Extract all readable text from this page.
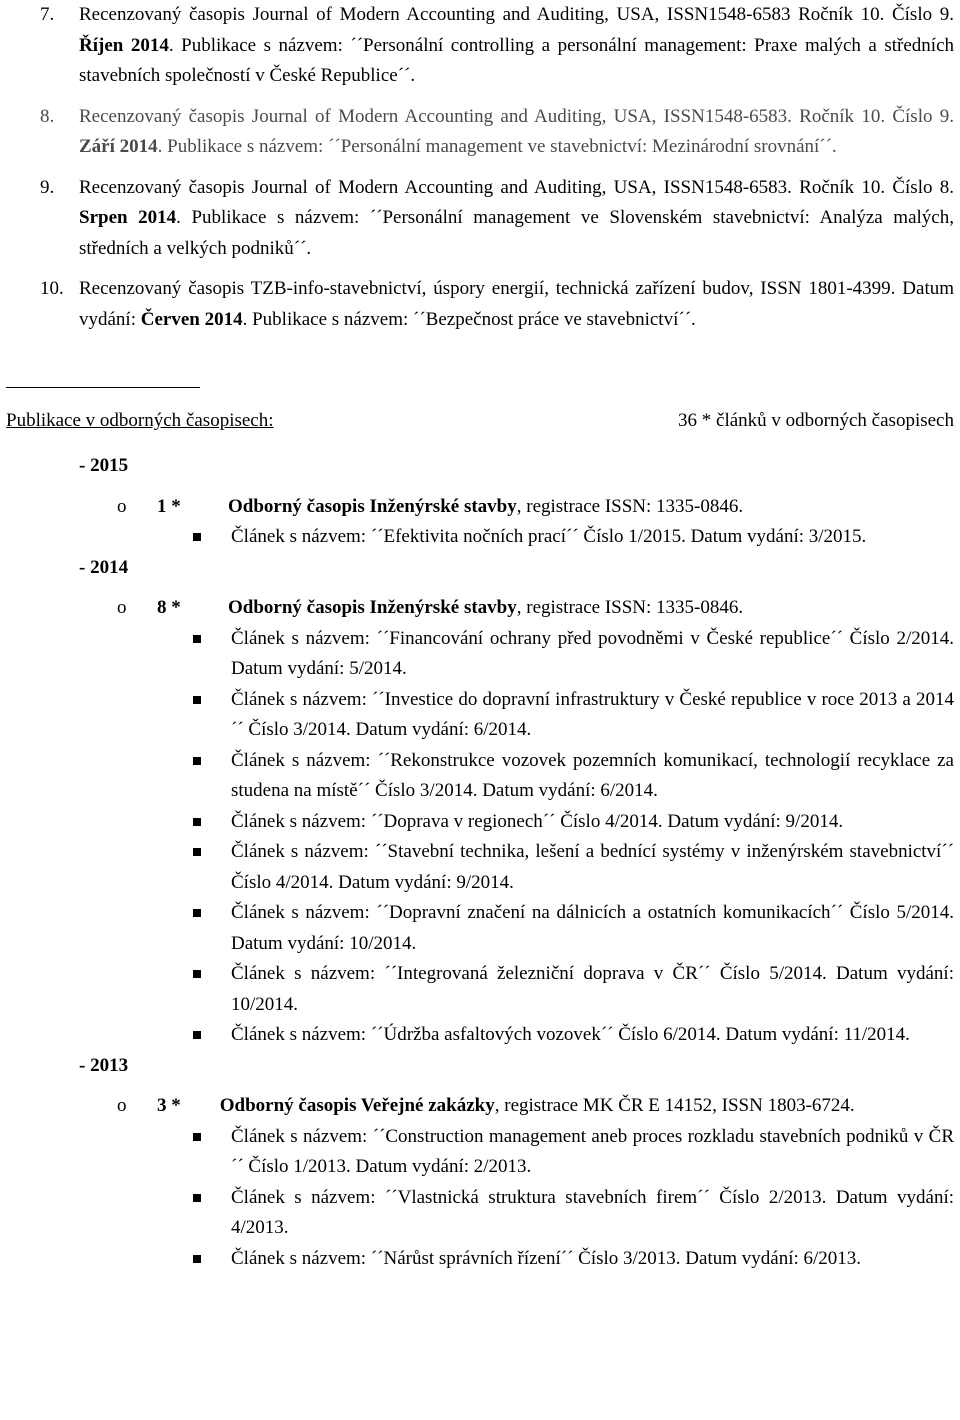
7. Recenzovaný časopis Journal of Modern Accounting and Auditing, USA, ISSN1548-6583 Ročník 10. Číslo 9. Říjen 2014. Publikace s názvem: ´´Personální controlling a personální management: Praxe malých a středních stavebních společností v České Republice´´.
8. Recenzovaný časopis Journal of Modern Accounting and Auditing, USA, ISSN1548-6583. Ročník 10. Číslo 9. Září 2014. Publikace s názvem: ´´Personální management ve stavebnictví: Mezinárodní srovnání´´.
9. Recenzovaný časopis Journal of Modern Accounting and Auditing, USA, ISSN1548-6583. Ročník 10. Číslo 8. Srpen 2014. Publikace s názvem: ´´Personální management ve Slovenském stavebnictví: Analýza malých, středních a velkých podniků´´.
10. Recenzovaný časopis TZB-info-stavebnictví, úspory energií, technická zařízení budov, ISSN 1801-4399. Datum vydání: Červen 2014. Publikace s názvem: ´´Bezpečnost práce ve stavebnictví´´.
Publikace v odborných časopisech:	36 * článků v odborných časopisech
- 2015
o 1 * Odborný časopis Inženýrské stavby, registrace ISSN: 1335-0846.
Článek s názvem: ´´Efektivita nočních prací´´ Číslo 1/2015. Datum vydání: 3/2015.
- 2014
o 8 * Odborný časopis Inženýrské stavby, registrace ISSN: 1335-0846.
Článek s názvem: ´´Financování ochrany před povodněmi v České republice´´ Číslo 2/2014. Datum vydání: 5/2014.
Článek s názvem: ´´Investice do dopravní infrastruktury v České republice v roce 2013 a 2014´´ Číslo 3/2014. Datum vydání: 6/2014.
Článek s názvem: ´´Rekonstrukce vozovek pozemních komunikací, technologií recyklace za studena na místě´´ Číslo 3/2014. Datum vydání: 6/2014.
Článek s názvem: ´´Doprava v regionech´´ Číslo 4/2014. Datum vydání: 9/2014.
Článek s názvem: ´´Stavební technika, lešení a bednící systémy v inženýrském stavebnictví´´ Číslo 4/2014. Datum vydání: 9/2014.
Článek s názvem: ´´Dopravní značení na dálnicích a ostatních komunikacích´´ Číslo 5/2014. Datum vydání: 10/2014.
Článek s názvem: ´´Integrovaná železniční doprava v ČR´´ Číslo 5/2014. Datum vydání: 10/2014.
Článek s názvem: ´´Údržba asfaltových vozovek´´ Číslo 6/2014. Datum vydání: 11/2014.
- 2013
o 3 * Odborný časopis Veřejné zakázky, registrace MK ČR E 14152, ISSN 1803-6724.
Článek s názvem: ´´Construction management aneb proces rozkladu stavebních podniků v ČR´´ Číslo 1/2013. Datum vydání: 2/2013.
Článek s názvem: ´´Vlastnická struktura stavebních firem´´ Číslo 2/2013. Datum vydání: 4/2013.
Článek s názvem: ´´Nárůst správních řízení´´ Číslo 3/2013. Datum vydání: 6/2013.
